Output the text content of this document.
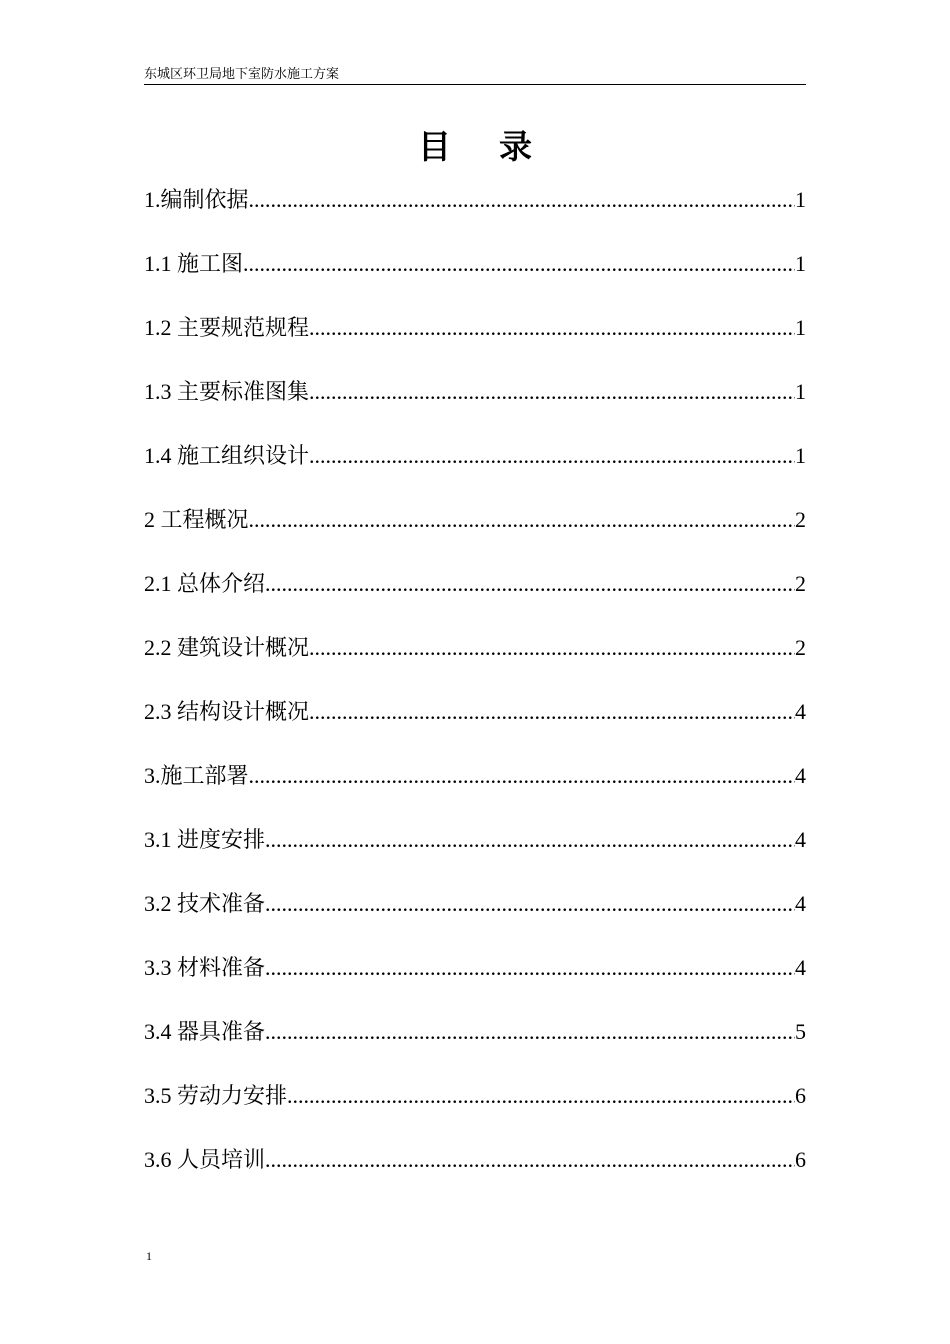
东城区环卫局地下室防水施工方案
目录
1.编制依据 .....	1
1.1 施工图 .....	1
1.2 主要规范规程 .....	1
1.3 主要标准图集 .....	1
1.4 施工组织设计 .....	1
2 工程概况 .....	2
2.1 总体介绍 .....	2
2.2 建筑设计概况 .....	2
2.3 结构设计概况 .....	4
3.施工部署 .....	4
3.1 进度安排 .....	4
3.2 技术准备 .....	4
3.3 材料准备 .....	4
3.4 器具准备 .....	5
3.5 劳动力安排 .....	6
3.6 人员培训 .....	6
1
